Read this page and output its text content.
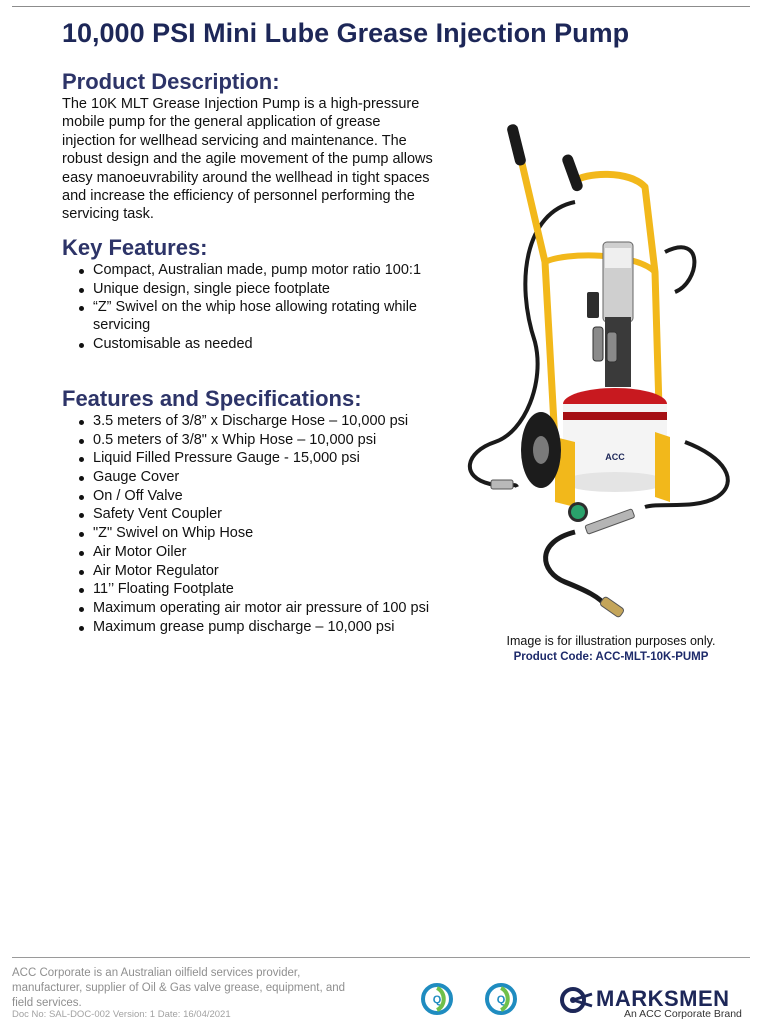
10,000 PSI Mini Lube Grease Injection Pump
Product Description:

The 10K MLT Grease Injection Pump is a high-pressure mobile pump for the general application of grease injection for wellhead servicing and maintenance. The robust design and the agile movement of the pump allows easy manoeuvrability around the wellhead in tight spaces and increase the efficiency of personnel performing the servicing task.

Key Features:
Compact, Australian made, pump motor ratio 100:1
Unique design, single piece footplate
“Z” Swivel on the whip hose allowing rotating while servicing
Customisable as needed
Features and Specifications:
3.5 meters of 3/8” x Discharge Hose – 10,000 psi
0.5 meters of 3/8" x Whip Hose – 10,000 psi
Liquid Filled Pressure Gauge - 15,000 psi
Gauge Cover
On / Off Valve
Safety Vent Coupler
"Z" Swivel on Whip Hose
Air Motor Oiler
Air Motor Regulator
11’’ Floating Footplate
Maximum operating air motor air pressure of 100 psi
Maximum grease pump discharge – 10,000 psi
ACC
Image is for illustration purposes only.
Product Code: ACC-MLT-10K-PUMP

ACC Corporate is an Australian oilfield services provider, manufacturer, supplier of Oil & Gas valve grease, equipment, and field services.

Doc No: SAL-DOC-002 Version: 1 Date: 16/04/2021
Q	Q	MARKSMEN
An ACC Corporate Brand
